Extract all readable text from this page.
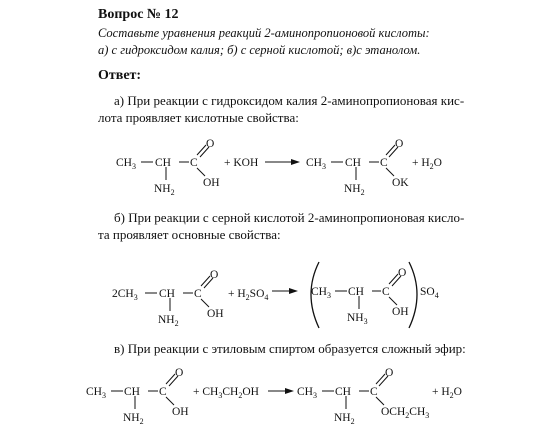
Вопрос № 12
Составьте уравнения реакций 2-аминопропионовой кислоты:
а) с гидроксидом калия; б) с серной кислотой; в)с этанолом.
Ответ:
а) При реакции с гидроксидом калия 2-аминопропионовая кис-
лота проявляет кислотные свойства:
б) При реакции с серной кислотой 2-аминопропионовая кисло-
та проявляет основные свойства:
в) При реакции с этиловым спиртом образуется сложный эфир:
$CH_3$ CH C
O
OH
$NH_2$
+ KOH	$CH_3$ CH C
O
OK
$NH_2$
+ $H_2O$
$2CH_3$ CH C
O
OH
$NH_2$
+ $H_2SO_4$	$CH_3$ CH C
O
OH
$NH_3$
$SO_4$
$CH_3$ CH C
O
OH
$NH_2$
+ $CH_3CH_2OH$	$CH_3$ CH C
O
$OCH_2CH_3$
$NH_2$
+ $H_2O$
